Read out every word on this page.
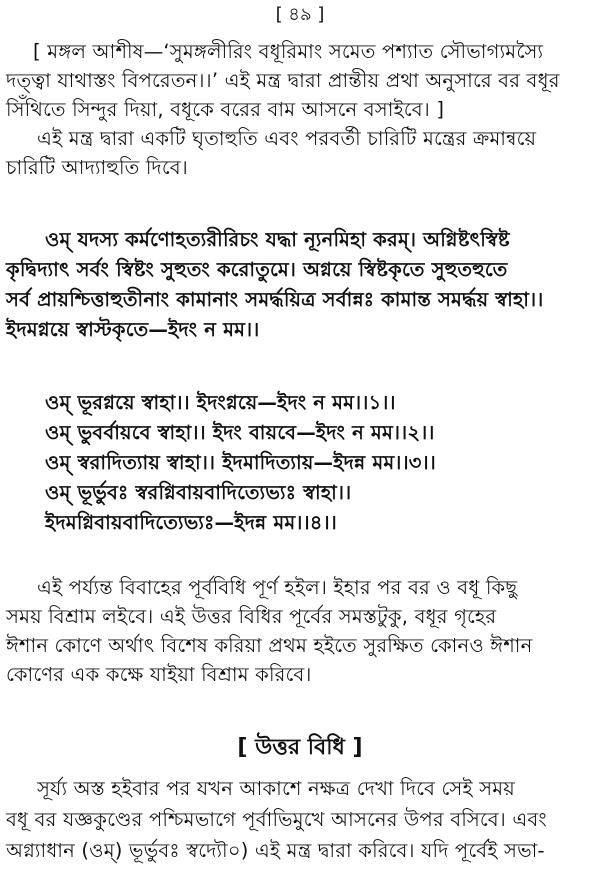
[ ৪৯ ]
[ মঙ্গল আশীষ—‘সুমঙ্গলীরিং বধূরিমাং সমেত পশ্যাত সৌভাগ্যমস্যৈ
দত্ত্বা যাথাস্তং বিপরেতন।।’ এই মন্ত্র দ্বারা প্রান্তীয় প্রথা অনুসারে বর বধূর
সিঁথিতে সিন্দুর দিয়া, বধূকে বরের বাম আসনে বসাইবে। ]
এই মন্ত্র দ্বারা একটি ঘৃতাহুতি এবং পরবর্তী চারিটি মন্ত্রের ক্রমান্বয়ে
চারিটি আদ্যাহুতি দিবে।
ওম্ যদস্য কর্মণোহত্যরীরিচং যদ্ধা ন্যূনমিহা করম্। অগ্নিষ্টৎস্বিষ্ট
কৃদ্বিদ্যাৎ সর্বং স্বিষ্টং সুহুতং করোতুমে। অগ্নয়ে স্বিষ্টকৃতে সুহুতহুতে
সর্ব প্রায়শ্চিত্তাহুতীনাং কামানাং সমর্দ্ধয়িত্র সর্বান্নঃ কামান্ত সমর্দ্ধয় স্বাহা।।
ইদমগ্নয়ে স্বাস্টকৃতে—ইদং ন মম।।
ওম্ ভূরগ্নয়ে স্বাহা।। ইদংগ্নয়ে—ইদং ন মম।।১।।
ওম্ ভুবর্বায়বে স্বাহা।। ইদং বায়বে—ইদং ন মম।।২।।
ওম্ স্বরাদিত্যায় স্বাহা।। ইদমাদিত্যায়—ইদন্ন মম।।৩।।
ওম্ ভূর্ভুবঃ স্বরগ্নিবায়বাদিত্যেভ্যঃ স্বাহা।।
ইদমগ্নিবায়বাদিত্যেভ্যঃ—ইদন্ন মম।।৪।।
এই পর্য্যন্ত বিবাহের পূর্ববিধি পূর্ণ হইল। ইহার পর বর ও বধূ কিছু
সময় বিশ্রাম লইবে। এই উত্তর বিধির পূর্বের সমস্তটুকু, বধূর গৃহের
ঈশান কোণে অর্থাৎ বিশেষ করিয়া প্রথম হইতে সুরক্ষিত কোনও ঈশান
কোণের এক কক্ষে যাইয়া বিশ্রাম করিবে।
[ উত্তর বিধি ]
সূর্য্য অস্ত হইবার পর যখন আকাশে নক্ষত্র দেখা দিবে সেই সময়
বধূ বর যজ্ঞকুণ্ডের পশ্চিমভাগে পূর্বাভিমুখে আসনের উপর বসিবে। এবং
অগ্ন্যাধান (ওম্) ভূর্ভুবঃ স্বদ্যৌ০) এই মন্ত্র দ্বারা করিবে। যদি পূর্বেই সভা-
